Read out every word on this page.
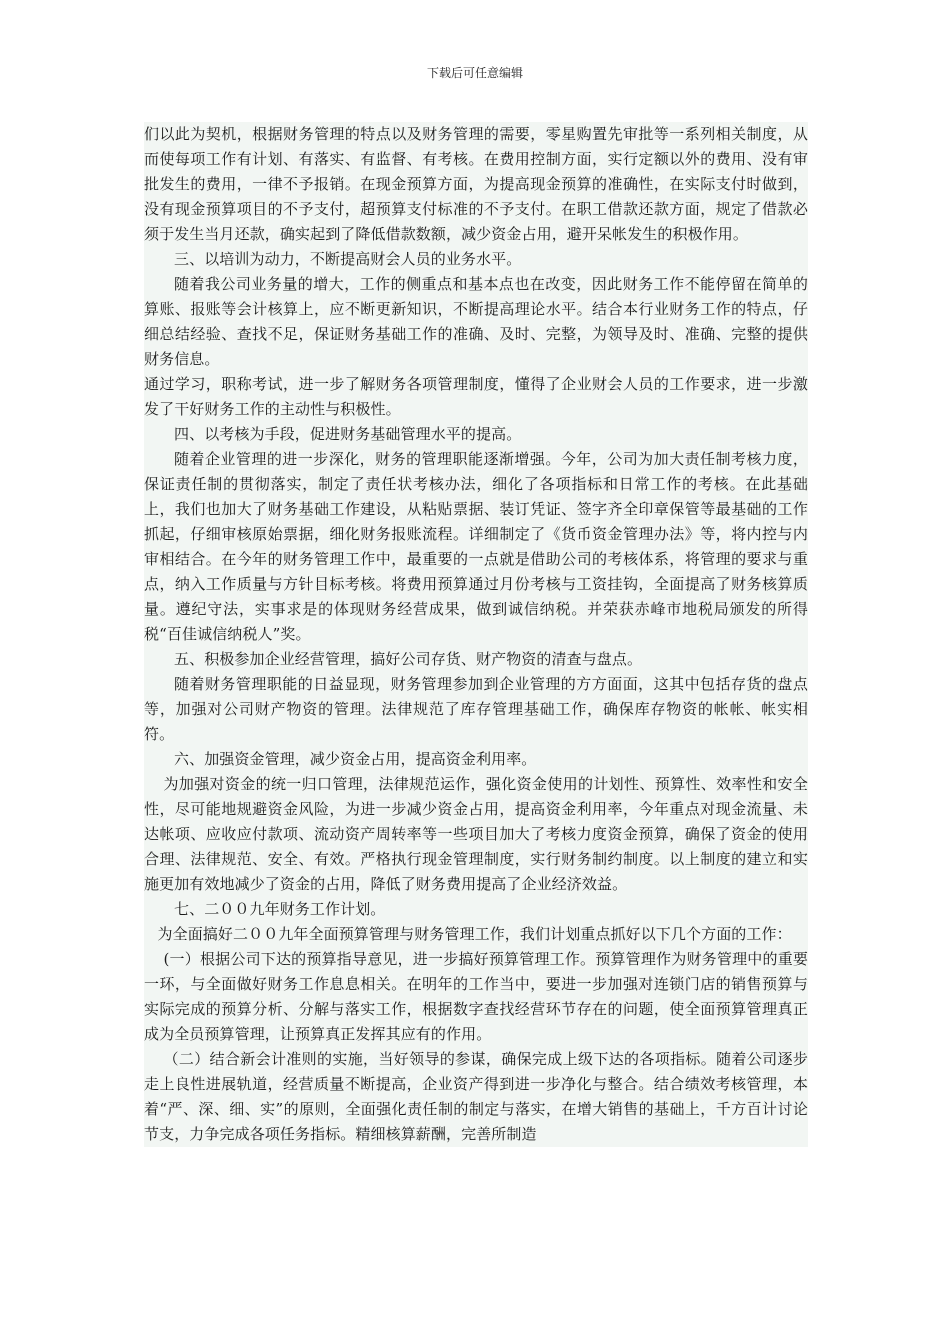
下载后可任意编辑

们以此为契机，根据财务管理的特点以及财务管理的需要，零星购置先审批等一系列相关制度，从而使每项工作有计划、有落实、有监督、有考核。在费用控制方面，实行定额以外的费用、没有审批发生的费用，一律不予报销。在现金预算方面，为提高现金预算的准确性，在实际支付时做到，没有现金预算项目的不予支付，超预算支付标准的不予支付。在职工借款还款方面，规定了借款必须于发生当月还款，确实起到了降低借款数额，减少资金占用，避开呆帐发生的积极作用。

三、以培训为动力，不断提高财会人员的业务水平。

随着我公司业务量的增大，工作的侧重点和基本点也在改变，因此财务工作不能停留在简单的算账、报账等会计核算上，应不断更新知识，不断提高理论水平。结合本行业财务工作的特点，仔细总结经验、查找不足，保证财务基础工作的准确、及时、完整，为领导及时、准确、完整的提供财务信息。

通过学习，职称考试，进一步了解财务各项管理制度，懂得了企业财会人员的工作要求，进一步激发了干好财务工作的主动性与积极性。

四、以考核为手段，促进财务基础管理水平的提高。

随着企业管理的进一步深化，财务的管理职能逐渐增强。今年，公司为加大责任制考核力度，保证责任制的贯彻落实，制定了责任状考核办法，细化了各项指标和日常工作的考核。在此基础上，我们也加大了财务基础工作建设，从粘贴票据、装订凭证、签字齐全印章保管等最基础的工作抓起，仔细审核原始票据，细化财务报账流程。详细制定了《货币资金管理办法》等，将内控与内审相结合。在今年的财务管理工作中，最重要的一点就是借助公司的考核体系，将管理的要求与重点，纳入工作质量与方针目标考核。将费用预算通过月份考核与工资挂钩，全面提高了财务核算质量。遵纪守法，实事求是的体现财务经营成果，做到诚信纳税。并荣获赤峰市地税局颁发的所得税“百佳诚信纳税人”奖。

五、积极参加企业经营管理，搞好公司存货、财产物资的清查与盘点。

随着财务管理职能的日益显现，财务管理参加到企业管理的方方面面，这其中包括存货的盘点等，加强对公司财产物资的管理。法律规范了库存管理基础工作，确保库存物资的帐帐、帐实相符。

六、加强资金管理，减少资金占用，提高资金利用率。

为加强对资金的统一归口管理，法律规范运作，强化资金使用的计划性、预算性、效率性和安全性，尽可能地规避资金风险，为进一步减少资金占用，提高资金利用率，今年重点对现金流量、未达帐项、应收应付款项、流动资产周转率等一些项目加大了考核力度资金预算，确保了资金的使用合理、法律规范、安全、有效。严格执行现金管理制度，实行财务制约制度。以上制度的建立和实施更加有效地减少了资金的占用，降低了财务费用提高了企业经济效益。

七、二００九年财务工作计划。

为全面搞好二００九年全面预算管理与财务管理工作，我们计划重点抓好以下几个方面的工作：

(一）根据公司下达的预算指导意见，进一步搞好预算管理工作。预算管理作为财务管理中的重要一环，与全面做好财务工作息息相关。在明年的工作当中，要进一步加强对连锁门店的销售预算与实际完成的预算分析、分解与落实工作，根据数字查找经营环节存在的问题，使全面预算管理真正成为全员预算管理，让预算真正发挥其应有的作用。

（二）结合新会计准则的实施，当好领导的参谋，确保完成上级下达的各项指标。随着公司逐步走上良性进展轨道，经营质量不断提高，企业资产得到进一步净化与整合。结合绩效考核管理，本着“严、深、细、实”的原则，全面强化责任制的制定与落实，在增大销售的基础上，千方百计讨论节支，力争完成各项任务指标。精细核算薪酬，完善所制造
